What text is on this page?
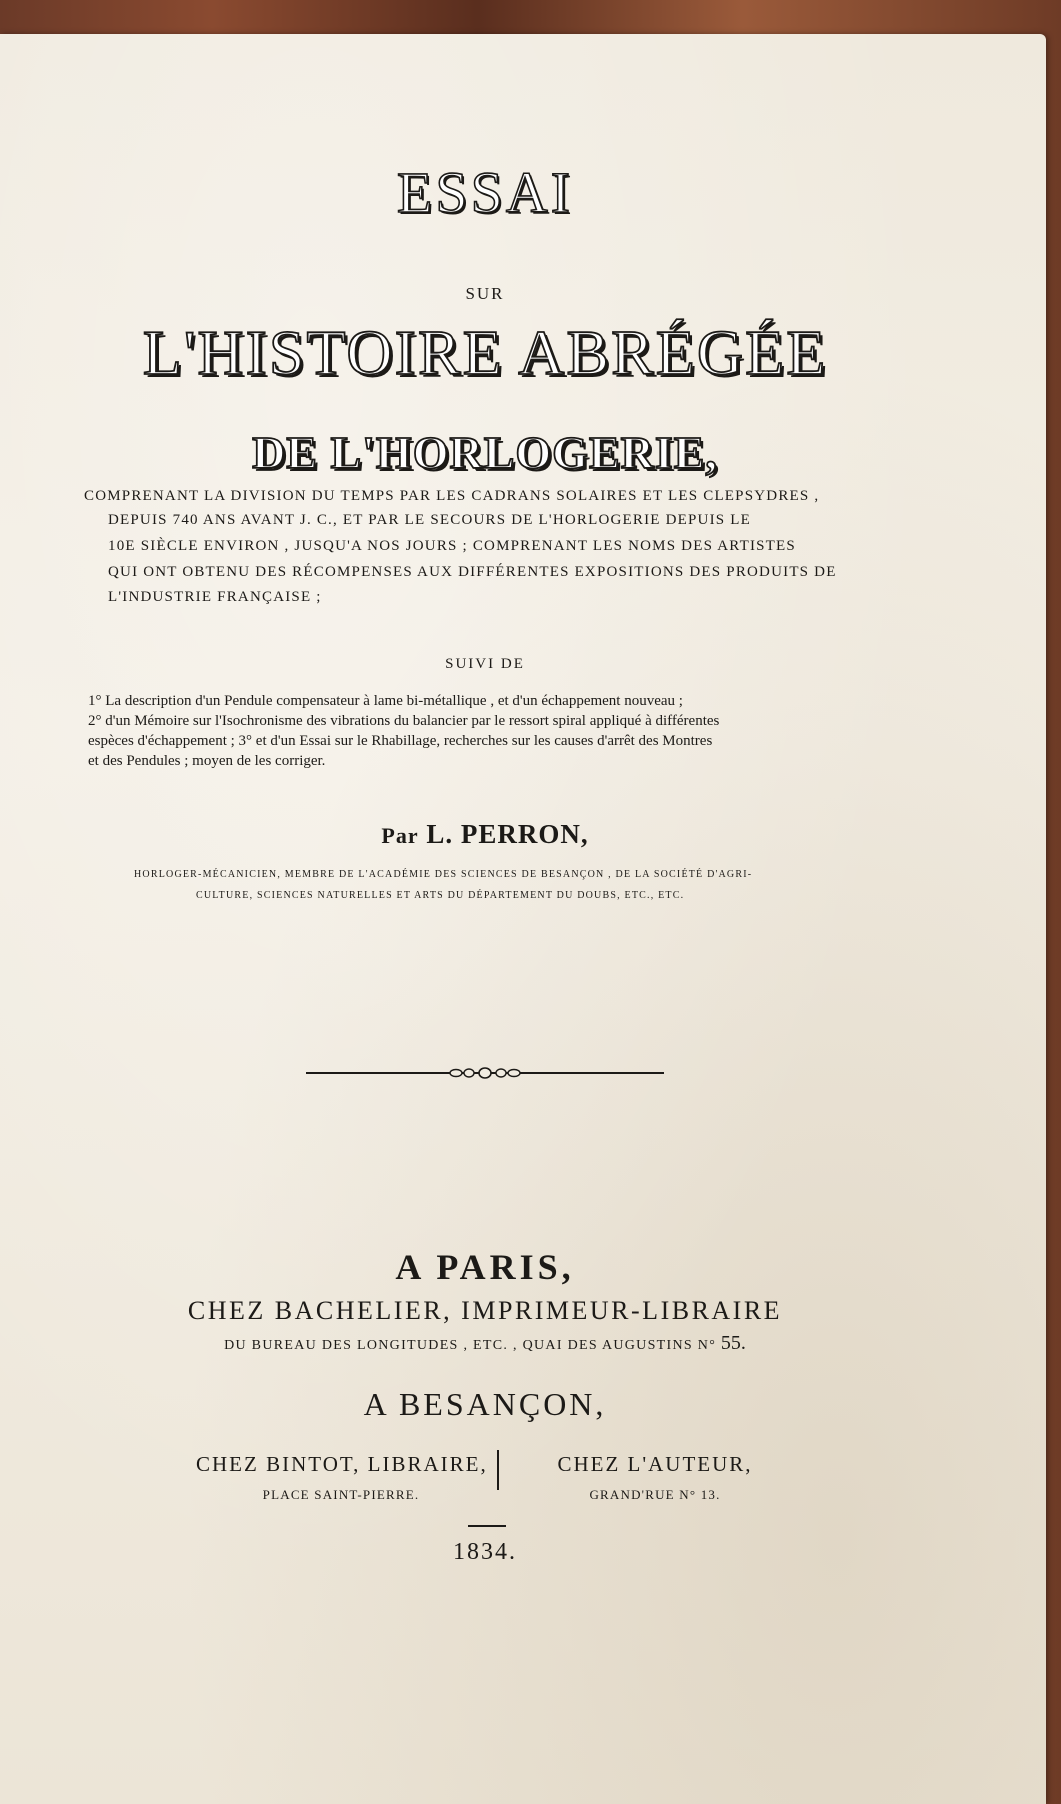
ESSAI
SUR
L'HISTOIRE ABRÉGÉE
DE L'HORLOGERIE,
COMPRENANT LA DIVISION DU TEMPS PAR LES CADRANS SOLAIRES ET LES CLEPSYDRES ,
DEPUIS 740 ANS AVANT J. C., ET PAR LE SECOURS DE L'HORLOGERIE DEPUIS LE
10E SIÈCLE ENVIRON , JUSQU'A NOS JOURS ; COMPRENANT LES NOMS DES ARTISTES
QUI ONT OBTENU DES RÉCOMPENSES AUX DIFFÉRENTES EXPOSITIONS DES PRODUITS DE
L'INDUSTRIE FRANÇAISE ;
SUIVI DE
1° La description d'un Pendule compensateur à lame bi-métallique , et d'un échappement nouveau ;
2° d'un Mémoire sur l'Isochronisme des vibrations du balancier par le ressort spiral appliqué à différentes
espèces d'échappement ; 3° et d'un Essai sur le Rhabillage, recherches sur les causes d'arrêt des Montres
et des Pendules ; moyen de les corriger.
Par L. PERRON,
HORLOGER-MÉCANICIEN, MEMBRE DE L'ACADÉMIE DES SCIENCES DE BESANÇON , DE LA SOCIÉTÉ D'AGRI-
CULTURE, SCIENCES NATURELLES ET ARTS DU DÉPARTEMENT DU DOUBS, ETC., ETC.
A PARIS,
CHEZ BACHELIER, IMPRIMEUR-LIBRAIRE
DU BUREAU DES LONGITUDES , ETC. , QUAI DES AUGUSTINS N° 55.
A BESANÇON,
CHEZ BINTOT, LIBRAIRE,
PLACE SAINT-PIERRE.
CHEZ L'AUTEUR,
GRAND'RUE N° 13.
1834.
